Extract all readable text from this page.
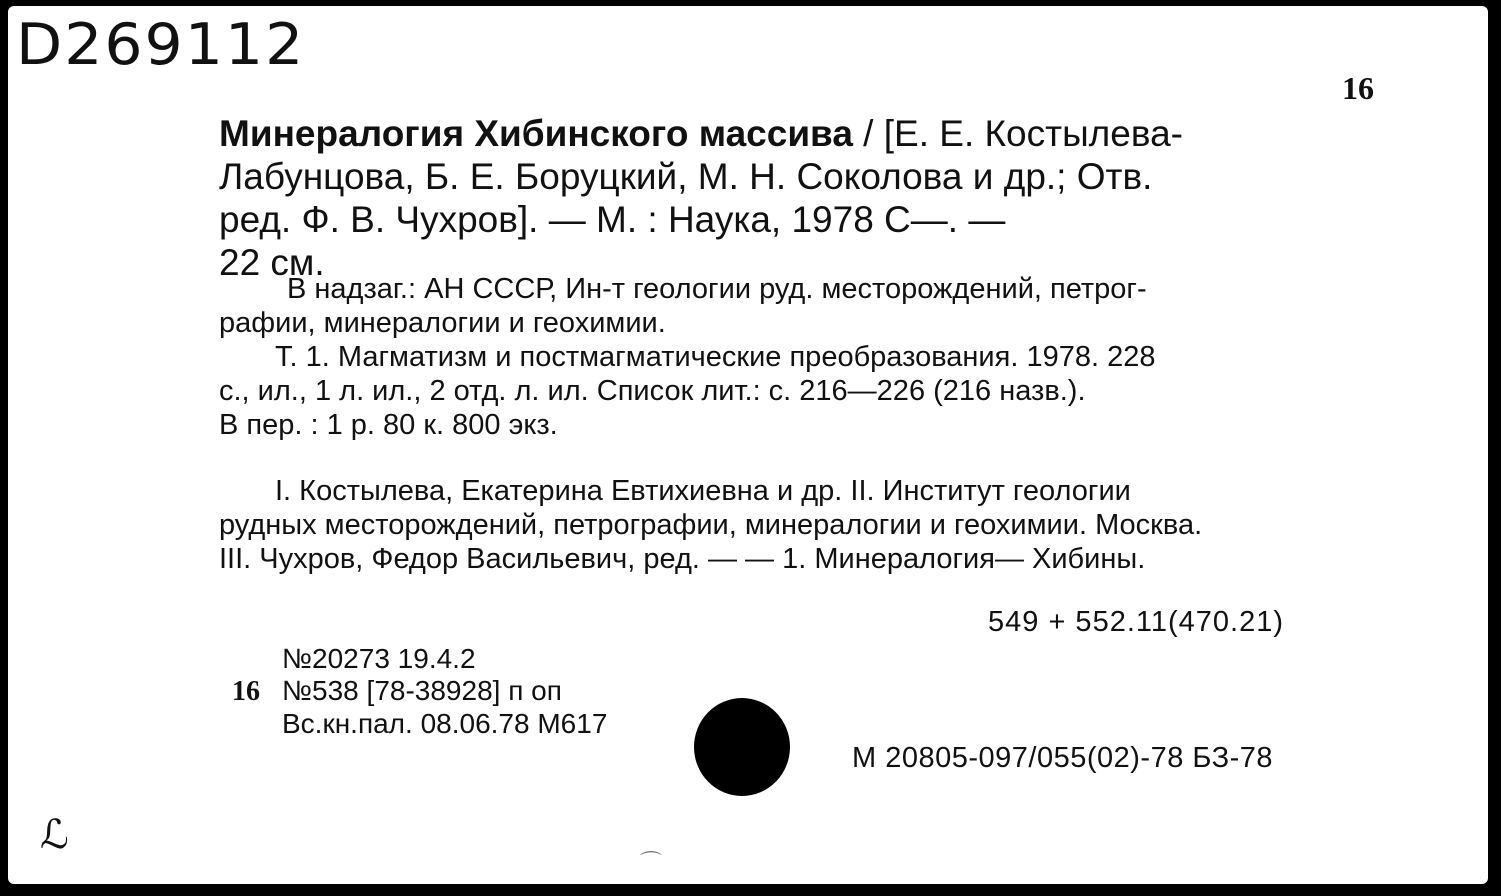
D269112
16
Минералогия Хибинского массива / [Е. Е. Костылева-
Лабунцова, Б. Е. Боруцкий, М. Н. Соколова и др.; Отв.
ред. Ф. В. Чухров]. — М. : Наука, 1978 С—. —
22 см.
В надзаг.: АН СССР, Ин-т геологии руд. месторождений, петрог-
рафии, минералогии и геохимии.
Т. 1. Магматизм и постмагматические преобразования. 1978. 228
с., ил., 1 л. ил., 2 отд. л. ил. Список лит.: с. 216—226 (216 назв.).
В пер. : 1 р. 80 к. 800 экз.
I. Костылева, Екатерина Евтихиевна и др. II. Институт геологии
рудных месторождений, петрографии, минералогии и геохимии. Москва.
III. Чухров, Федор Васильевич, ред. — — 1. Минералогия— Хибины.
549 + 552.11(470.21)
№20273 19.4.2
16 №538 [78-38928] п оп
Вс.кн.пал. 08.06.78 М617
М 20805-097/055(02)-78 БЗ-78
ℒ
⌒
